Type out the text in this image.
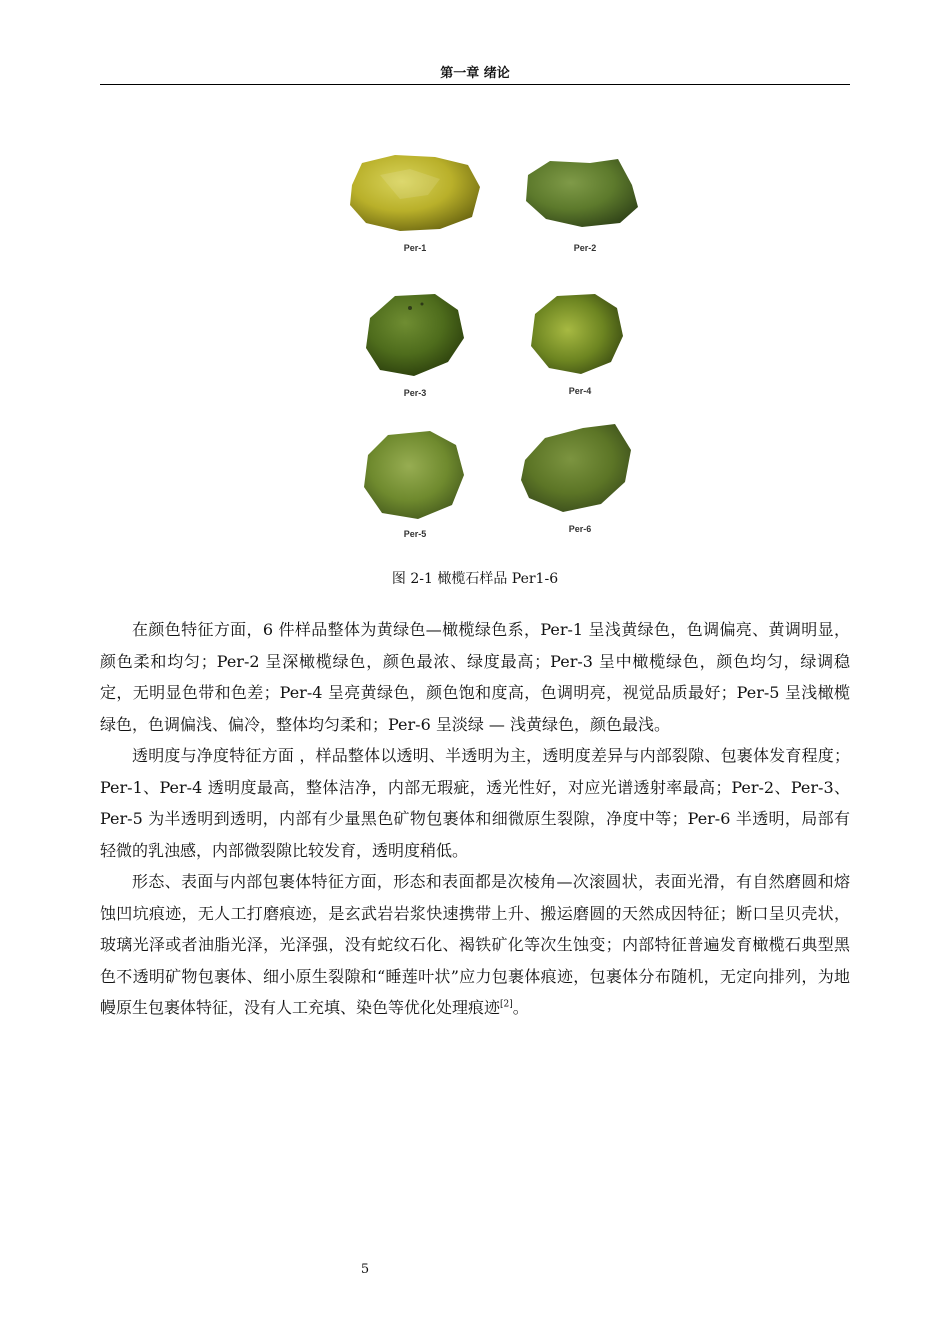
第一章 绪论
Per-1	Per-2
Per-3	Per-4
Per-5	Per-6
图 2-1 橄榄石样品 Per1-6

在颜色特征方面，6 件样品整体为黄绿色—橄榄绿色系，Per-1 呈浅黄绿色，色调偏亮、黄调明显，颜色柔和均匀；Per-2 呈深橄榄绿色，颜色最浓、绿度最高；Per-3 呈中橄榄绿色，颜色均匀，绿调稳定，无明显色带和色差；Per-4 呈亮黄绿色，颜色饱和度高，色调明亮，视觉品质最好；Per-5 呈浅橄榄绿色，色调偏浅、偏冷，整体均匀柔和；Per-6 呈淡绿 — 浅黄绿色，颜色最浅。

透明度与净度特征方面 ，样品整体以透明、半透明为主，透明度差异与内部裂隙、包裹体发育程度；Per-1、Per-4 透明度最高，整体洁净，内部无瑕疵，透光性好，对应光谱透射率最高；Per-2、Per-3、Per-5 为半透明到透明，内部有少量黑色矿物包裹体和细微原生裂隙，净度中等；Per-6 半透明，局部有轻微的乳浊感，内部微裂隙比较发育，透明度稍低。

形态、表面与内部包裹体特征方面，形态和表面都是次棱角—次滚圆状，表面光滑，有自然磨圆和熔蚀凹坑痕迹，无人工打磨痕迹，是玄武岩岩浆快速携带上升、搬运磨圆的天然成因特征；断口呈贝壳状，玻璃光泽或者油脂光泽，光泽强，没有蛇纹石化、褐铁矿化等次生蚀变；内部特征普遍发育橄榄石典型黑色不透明矿物包裹体、细小原生裂隙和“睡莲叶状”应力包裹体痕迹，包裹体分布随机，无定向排列，为地幔原生包裹体特征，没有人工充填、染色等优化处理痕迹[2]。

5
